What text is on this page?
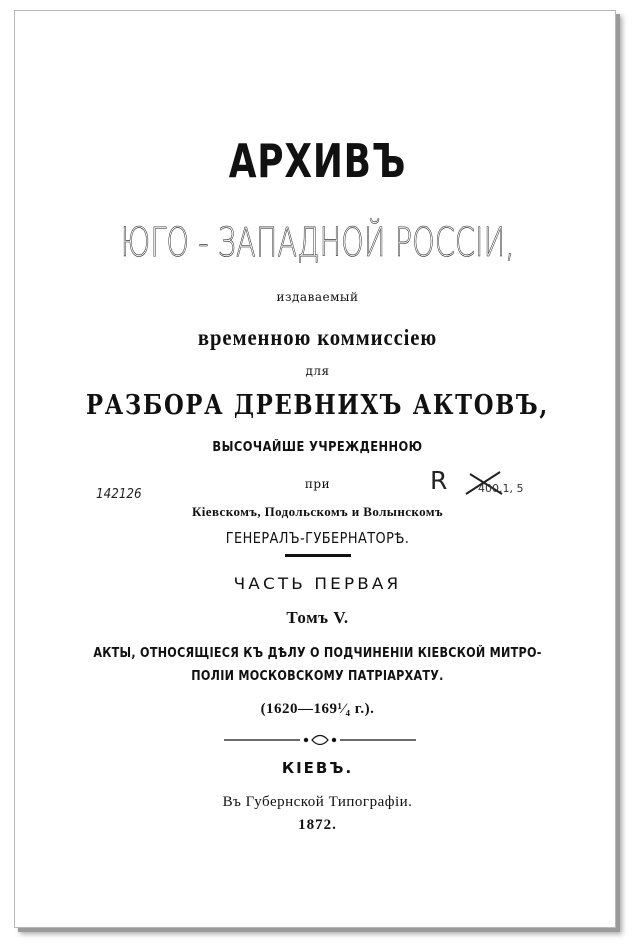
АРХИВЪ
ЮГО - ЗАПАДНОЙ РОССІИ,
издаваемый
временною коммиссіею
для
РАЗБОРА ДРЕВНИХЪ АКТОВЪ,
ВЫСОЧАЙШЕ УЧРЕЖДЕННОЮ
при
Кіевскомъ, Подольскомъ и Волынскомъ
ГЕНЕРАЛЪ-ГУБЕРНАТОРѢ.
ЧАСТЬ ПЕРВАЯ
Томъ V.
АКТЫ, ОТНОСЯЩІЕСЯ КЪ ДѢЛУ О ПОДЧИНЕНІИ КІЕВСКОЙ МИТРО-
ПОЛІИ МОСКОВСКОМУ ПАТРІАРХАТУ.
(1620—169¹⁄₄ г.).
КІЕВЪ.
Въ Губернской Типографіи.
1872.
142126	R	400.1, 5
